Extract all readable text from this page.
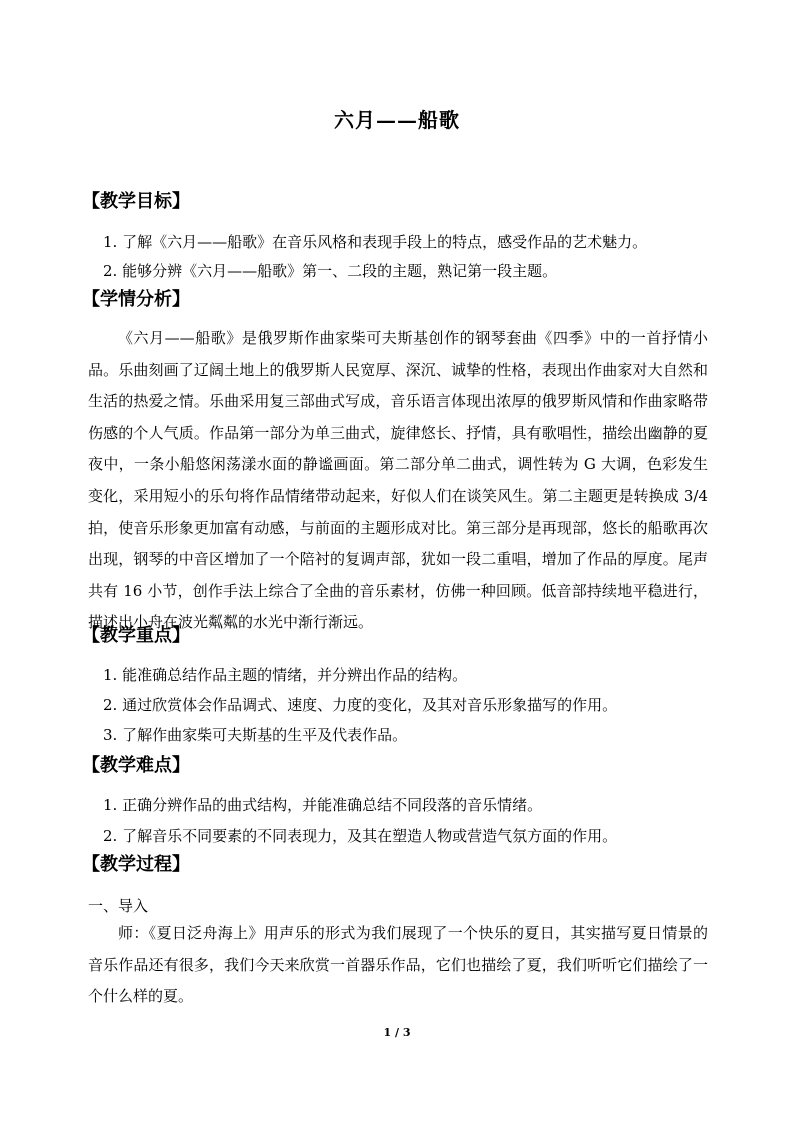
六月——船歌
【教学目标】
1. 了解《六月——船歌》在音乐风格和表现手段上的特点，感受作品的艺术魅力。
2. 能够分辨《六月——船歌》第一、二段的主题，熟记第一段主题。
【学情分析】
《六月——船歌》是俄罗斯作曲家柴可夫斯基创作的钢琴套曲《四季》中的一首抒情小品。乐曲刻画了辽阔土地上的俄罗斯人民宽厚、深沉、诚挚的性格，表现出作曲家对大自然和生活的热爱之情。乐曲采用复三部曲式写成，音乐语言体现出浓厚的俄罗斯风情和作曲家略带伤感的个人气质。作品第一部分为单三曲式，旋律悠长、抒情，具有歌唱性，描绘出幽静的夏夜中，一条小船悠闲荡漾水面的静谧画面。第二部分单二曲式，调性转为 G 大调，色彩发生变化，采用短小的乐句将作品情绪带动起来，好似人们在谈笑风生。第二主题更是转换成 3/4 拍，使音乐形象更加富有动感，与前面的主题形成对比。第三部分是再现部，悠长的船歌再次出现，钢琴的中音区增加了一个陪衬的复调声部，犹如一段二重唱，增加了作品的厚度。尾声共有 16 小节，创作手法上综合了全曲的音乐素材，仿佛一种回顾。低音部持续地平稳进行，描述出小舟在波光粼粼的水光中渐行渐远。
【教学重点】
1. 能准确总结作品主题的情绪，并分辨出作品的结构。
2. 通过欣赏体会作品调式、速度、力度的变化，及其对音乐形象描写的作用。
3. 了解作曲家柴可夫斯基的生平及代表作品。
【教学难点】
1. 正确分辨作品的曲式结构，并能准确总结不同段落的音乐情绪。
2. 了解音乐不同要素的不同表现力，及其在塑造人物或营造气氛方面的作用。
【教学过程】
一、导入
师：《夏日泛舟海上》用声乐的形式为我们展现了一个快乐的夏日，其实描写夏日情景的音乐作品还有很多，我们今天来欣赏一首器乐作品，它们也描绘了夏，我们听听它们描绘了一个什么样的夏。
1 / 3
